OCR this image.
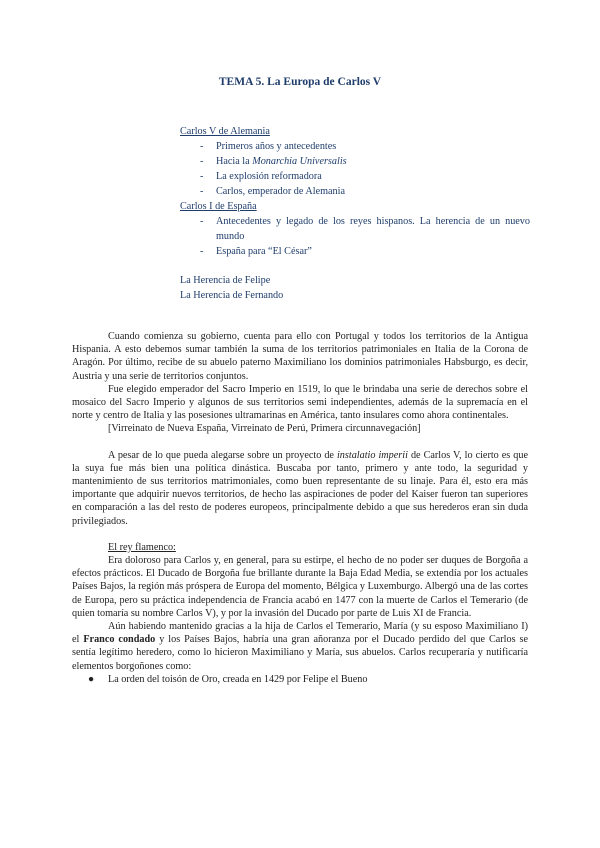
TEMA 5. La Europa de Carlos V
Carlos V de Alemania
- Primeros años y antecedentes
- Hacia la Monarchia Universalis
- La explosión reformadora
- Carlos, emperador de Alemania
Carlos I de España
- Antecedentes y legado de los reyes hispanos. La herencia de un nuevo mundo
- España para “El César”
La Herencia de Felipe
La Herencia de Fernando

Cuando comienza su gobierno, cuenta para ello con Portugal y todos los territorios de la Antigua Hispania. A esto debemos sumar también la suma de los territorios patrimoniales en Italia de la Corona de Aragón. Por último, recibe de su abuelo paterno Maximiliano los dominios patrimoniales Habsburgo, es decir, Austria y una serie de territorios conjuntos.

Fue elegido emperador del Sacro Imperio en 1519, lo que le brindaba una serie de derechos sobre el mosaico del Sacro Imperio y algunos de sus territorios semi independientes, además de la supremacía en el norte y centro de Italia y las posesiones ultramarinas en América, tanto insulares como ahora continentales.

[Virreinato de Nueva España, Virreinato de Perú, Primera circunnavegación]

A pesar de lo que pueda alegarse sobre un proyecto de instalatio imperii de Carlos V, lo cierto es que la suya fue más bien una política dinástica. Buscaba por tanto, primero y ante todo, la seguridad y mantenimiento de sus territorios matrimoniales, como buen representante de su linaje. Para él, esto era más importante que adquirir nuevos territorios, de hecho las aspiraciones de poder del Kaiser fueron tan superiores en comparación a las del resto de poderes europeos, principalmente debido a que sus herederos eran sin duda privilegiados.

El rey flamenco:

Era doloroso para Carlos y, en general, para su estirpe, el hecho de no poder ser duques de Borgoña a efectos prácticos. El Ducado de Borgoña fue brillante durante la Baja Edad Media, se extendía por los actuales Países Bajos, la región más próspera de Europa del momento, Bélgica y Luxemburgo. Albergó una de las cortes de Europa, pero su práctica independencia de Francia acabó en 1477 con la muerte de Carlos el Temerario (de quien tomaría su nombre Carlos V), y por la invasión del Ducado por parte de Luis XI de Francia.

Aún habiendo mantenido gracias a la hija de Carlos el Temerario, María (y su esposo Maximiliano I) el Franco condado y los Países Bajos, habría una gran añoranza por el Ducado perdido del que Carlos se sentía legítimo heredero, como lo hicieron Maximiliano y María, sus abuelos. Carlos recuperaría y nutificaría elementos borgoñones como:

● La orden del toisón de Oro, creada en 1429 por Felipe el Bueno
